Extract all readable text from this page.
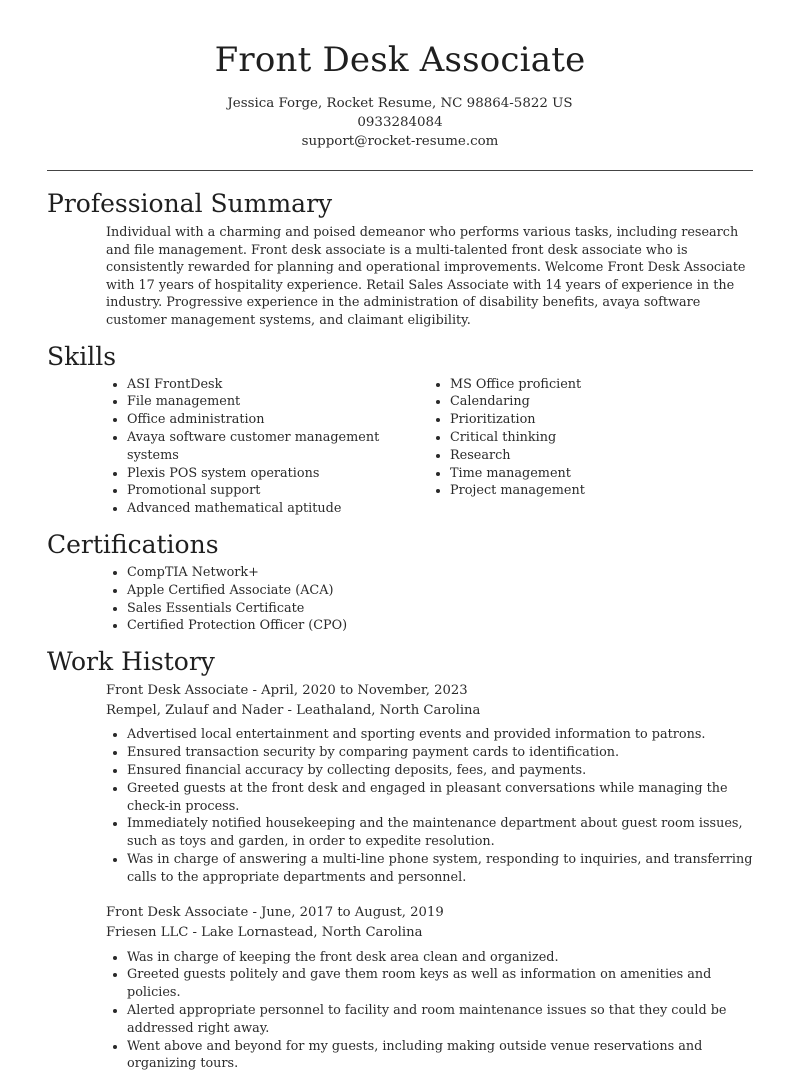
Front Desk Associate
Jessica Forge, Rocket Resume, NC 98864-5822 US
0933284084
support@rocket-resume.com
Professional Summary
Individual with a charming and poised demeanor who performs various tasks, including research and file management. Front desk associate is a multi-talented front desk associate who is consistently rewarded for planning and operational improvements. Welcome Front Desk Associate with 17 years of hospitality experience. Retail Sales Associate with 14 years of experience in the industry. Progressive experience in the administration of disability benefits, avaya software customer management systems, and claimant eligibility.
Skills
• ASI FrontDesk
• File management
• Office administration
• Avaya software customer management systems
• Plexis POS system operations
• Promotional support
• Advanced mathematical aptitude
• MS Office proficient
• Calendaring
• Prioritization
• Critical thinking
• Research
• Time management
• Project management
Certifications
• CompTIA Network+
• Apple Certified Associate (ACA)
• Sales Essentials Certificate
• Certified Protection Officer (CPO)
Work History
Front Desk Associate - April, 2020 to November, 2023
Rempel, Zulauf and Nader - Leathaland, North Carolina
• Advertised local entertainment and sporting events and provided information to patrons.
• Ensured transaction security by comparing payment cards to identification.
• Ensured financial accuracy by collecting deposits, fees, and payments.
• Greeted guests at the front desk and engaged in pleasant conversations while managing the check-in process.
• Immediately notified housekeeping and the maintenance department about guest room issues, such as toys and garden, in order to expedite resolution.
• Was in charge of answering a multi-line phone system, responding to inquiries, and transferring calls to the appropriate departments and personnel.
Front Desk Associate - June, 2017 to August, 2019
Friesen LLC - Lake Lornastead, North Carolina
• Was in charge of keeping the front desk area clean and organized.
• Greeted guests politely and gave them room keys as well as information on amenities and policies.
• Alerted appropriate personnel to facility and room maintenance issues so that they could be addressed right away.
• Went above and beyond for my guests, including making outside venue reservations and organizing tours.
